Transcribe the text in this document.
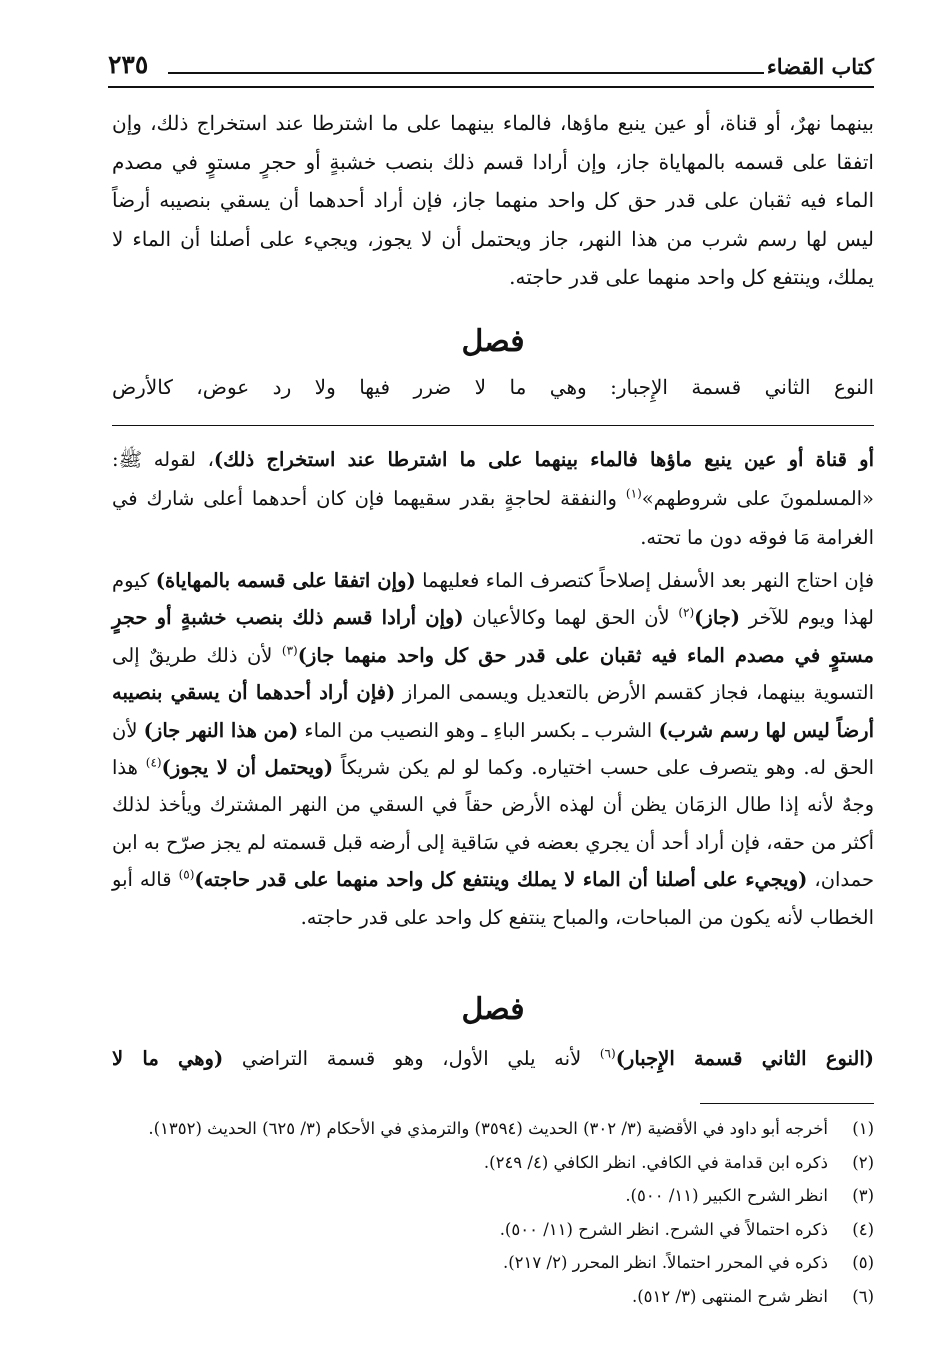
كتاب القضاء
٢٣٥

بينهما نهرٌ، أو قناة، أو عين ينبع ماؤها، فالماء بينهما على ما اشترطا عند استخراج ذلك، وإن اتفقا على قسمه بالمهاياة جاز، وإن أرادا قسم ذلك بنصب خشبةٍ أو حجرٍ مستوٍ في مصدم الماء فيه ثقبان على قدر حق كل واحد منهما جاز، فإن أراد أحدهما أن يسقي بنصيبه أرضاً ليس لها رسم شرب من هذا النهر، جاز ويحتمل أن لا يجوز، ويجيء على أصلنا أن الماء لا يملك، وينتفع كل واحد منهما على قدر حاجته.

فصل

النوع الثاني قسمة الإِجبار: وهي ما لا ضرر فيها ولا رد عوض، كالأرض

أو قناة أو عين ينبع ماؤها فالماء بينهما على ما اشترطا عند استخراج ذلك)، لقوله ﷺ: «المسلمونَ على شروطهم»$^{(١)}$ والنفقة لحاجةٍ بقدر سقيهما فإن كان أحدهما أعلى شارك في الغرامة مَا فوقه دون ما تحته.

فإن احتاج النهر بعد الأسفل إصلاحاً كتصرف الماء فعليهما (وإن اتفقا على قسمه بالمهاياة) كيوم لهذا ويوم للآخر (جاز)$^{(٢)}$ لأن الحق لهما وكالأعيان (وإن أرادا قسم ذلك بنصب خشبةٍ أو حجرٍ مستوٍ في مصدم الماء فيه ثقبان على قدر حق كل واحد منهما جاز)$^{(٣)}$ لأن ذلك طريقٌ إلى التسوية بينهما، فجاز كقسم الأرض بالتعديل ويسمى المراز (فإن أراد أحدهما أن يسقي بنصيبه أرضاً ليس لها رسم شرب) الشرب ـ بكسر الباءِ ـ وهو النصيب من الماء (من هذا النهر جاز) لأن الحق له. وهو يتصرف على حسب اختياره. وكما لو لم يكن شريكاً (ويحتمل أن لا يجوز)$^{(٤)}$ هذا وجهٌ لأنه إذا طال الزمَان يظن أن لهذه الأرض حقاً في السقي من النهر المشترك ويأخذ لذلك أكثر من حقه، فإن أراد أحد أن يجري بعضه في سَاقية إلى أرضه قبل قسمته لم يجز صرّح به ابن حمدان، (ويجيء على أصلنا أن الماء لا يملك وينتفع كل واحد منهما على قدر حاجته)$^{(٥)}$ قاله أبو الخطاب لأنه يكون من المباحات، والمباح ينتفع كل واحد على قدر حاجته.

فصل

(النوع الثاني قسمة الإِجبار)$^{(٦)}$ لأنه يلي الأول، وهو قسمة التراضي (وهي ما لا

(١)
أخرجه أبو داود في الأقضية (٣/ ٣٠٢) الحديث (٣٥٩٤) والترمذي في الأحكام (٣/ ٦٢٥) الحديث (١٣٥٢).
(٢)
ذكره ابن قدامة في الكافي. انظر الكافي (٤/ ٢٤٩).
(٣)
انظر الشرح الكبير (١١/ ٥٠٠).
(٤)
ذكره احتمالاً في الشرح. انظر الشرح (١١/ ٥٠٠).
(٥)
ذكره في المحرر احتمالاً. انظر المحرر (٢/ ٢١٧).
(٦)
انظر شرح المنتهى (٣/ ٥١٢).
